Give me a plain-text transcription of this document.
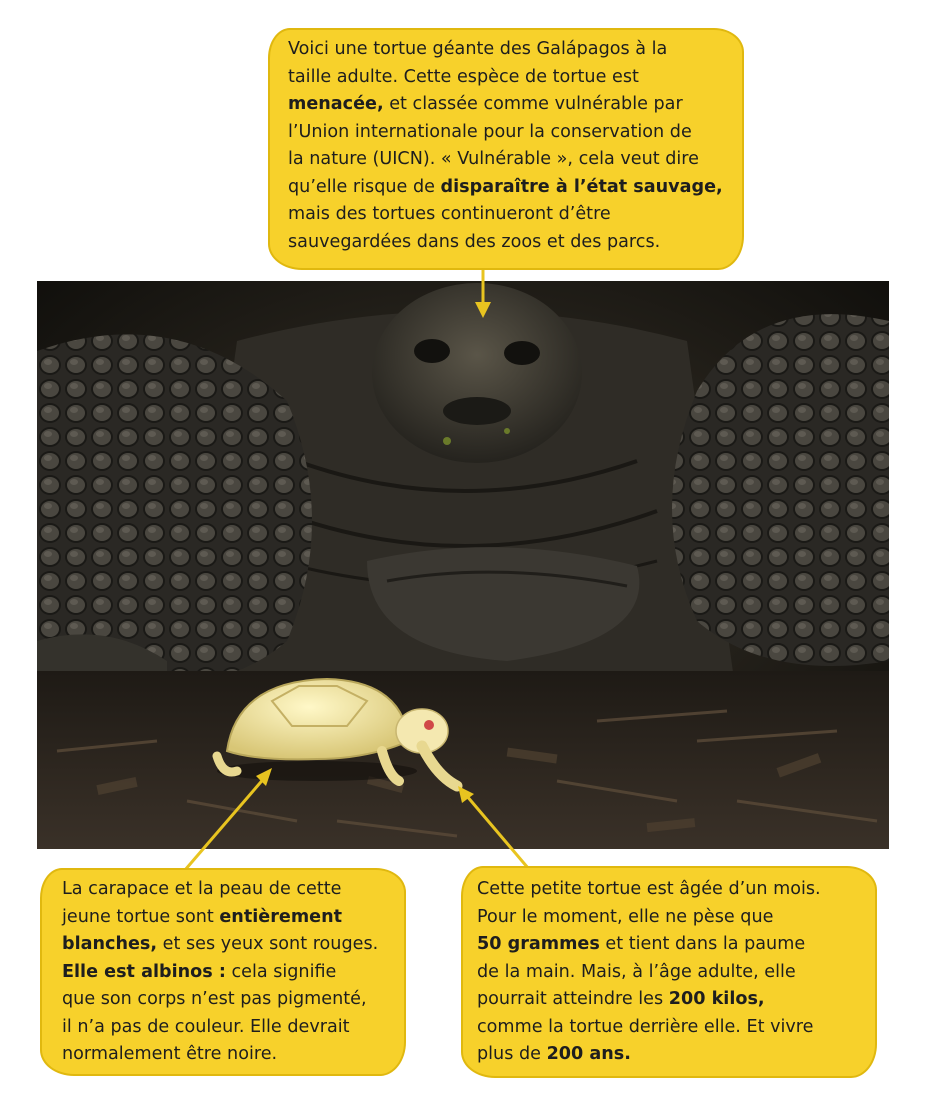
Voici une tortue géante des Galápagos à la
taille adulte. Cette espèce de tortue est
menacée, et classée comme vulnérable par
l’Union internationale pour la conservation de
la nature (UICN). « Vulnérable », cela veut dire
qu’elle risque de disparaître à l’état sauvage,
mais des tortues continueront d’être
sauvegardées dans des zoos et des parcs.
La carapace et la peau de cette
jeune tortue sont entièrement
blanches, et ses yeux sont rouges.
Elle est albinos : cela signifie
que son corps n’est pas pigmenté,
il n’a pas de couleur. Elle devrait
normalement être noire.
Cette petite tortue est âgée d’un mois.
Pour le moment, elle ne pèse que
50 grammes et tient dans la paume
de la main. Mais, à l’âge adulte, elle
pourrait atteindre les 200 kilos,
comme la tortue derrière elle. Et vivre
plus de 200 ans.
